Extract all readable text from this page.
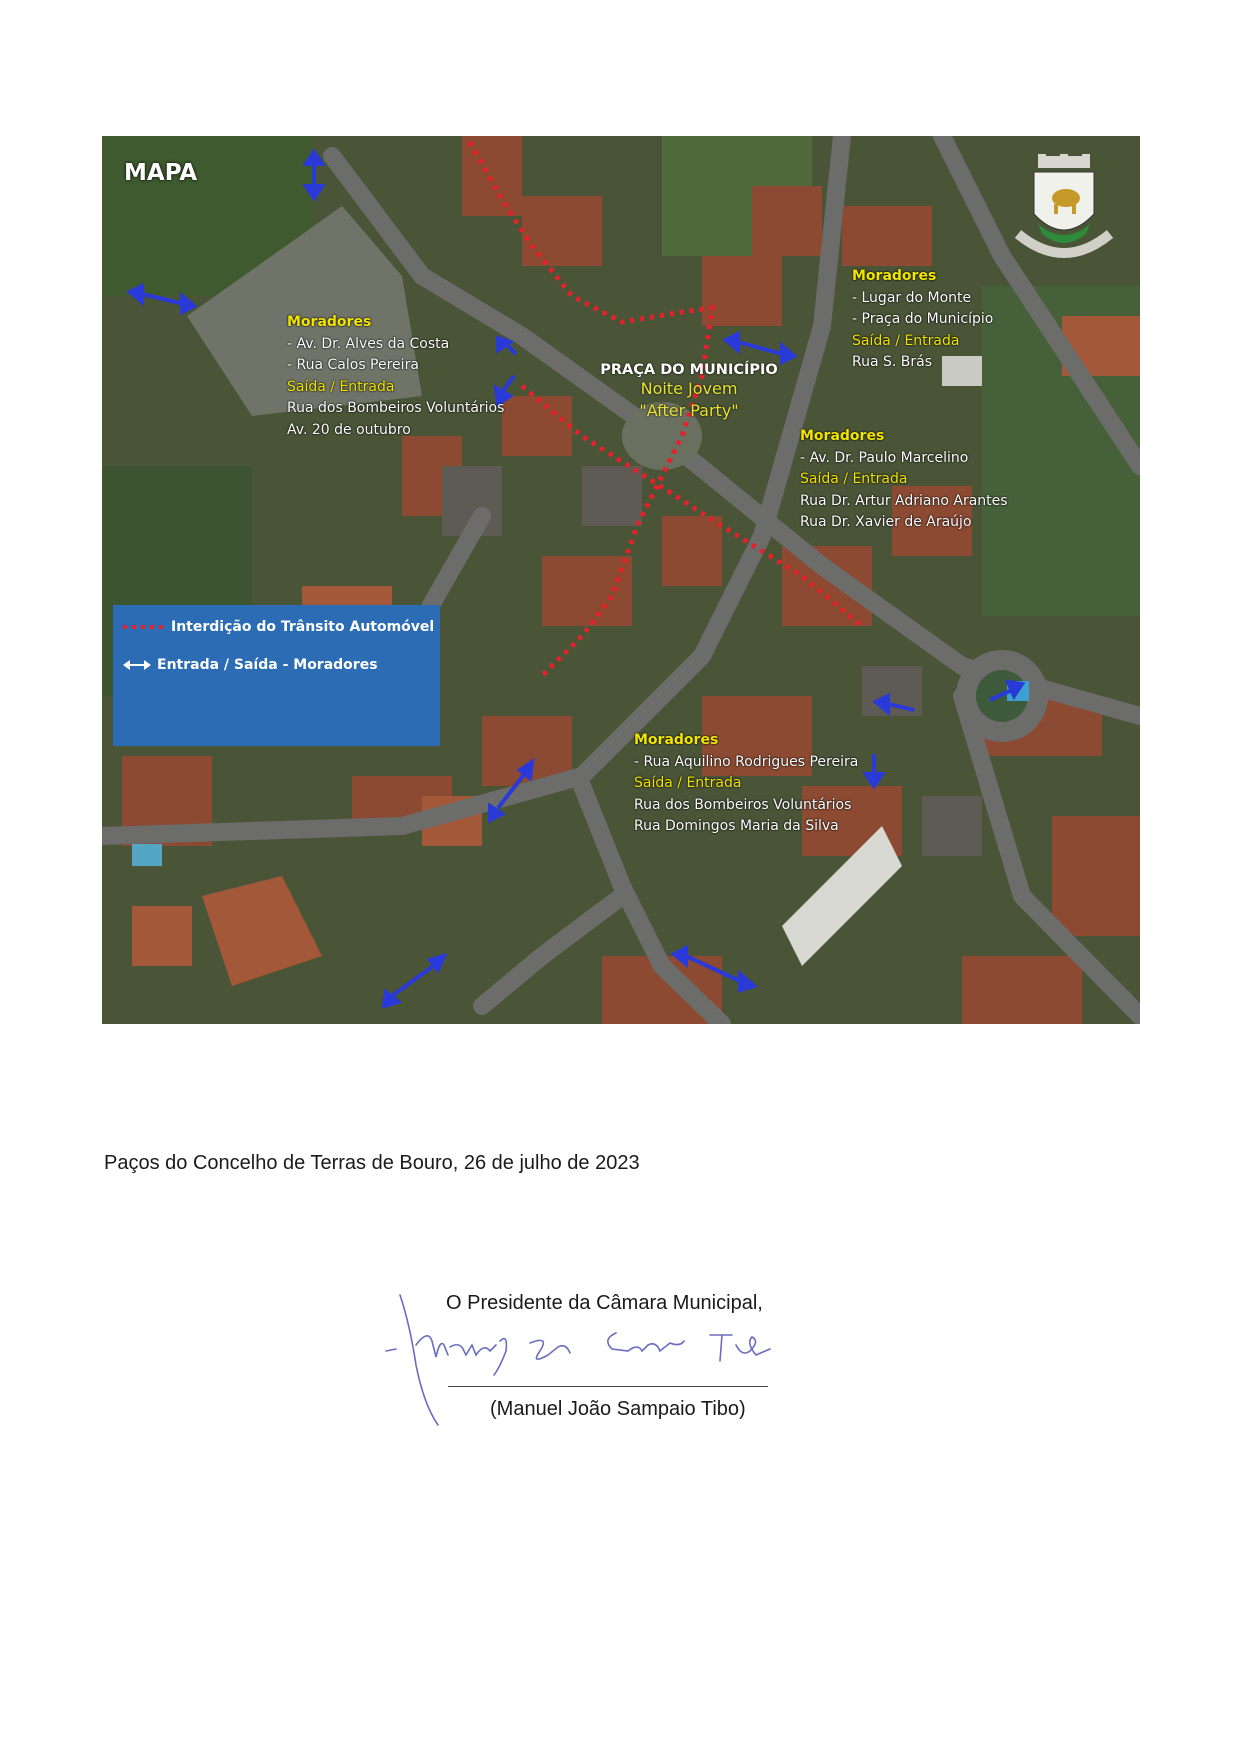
MAPA
PRAÇA DO MUNICÍPIO
Noite Jovem
"After Party"
Moradores
- Av. Dr. Alves da Costa
- Rua Calos Pereira
Saída / Entrada
Rua dos Bombeiros Voluntários
Av. 20 de outubro
Moradores
- Lugar do Monte
- Praça do Município
Saída / Entrada
Rua S. Brás
Moradores
- Av. Dr. Paulo Marcelino
Saída / Entrada
Rua Dr. Artur Adriano Arantes
Rua Dr. Xavier de Araújo
Moradores
- Rua Aquilino Rodrigues Pereira
Saída / Entrada
Rua dos Bombeiros Voluntários
Rua Domingos Maria da Silva
Interdição do Trânsito Automóvel
Entrada / Saída - Moradores
Paços do Concelho de Terras de Bouro, 26 de julho de 2023
O Presidente da Câmara Municipal,
(Manuel João Sampaio Tibo)
